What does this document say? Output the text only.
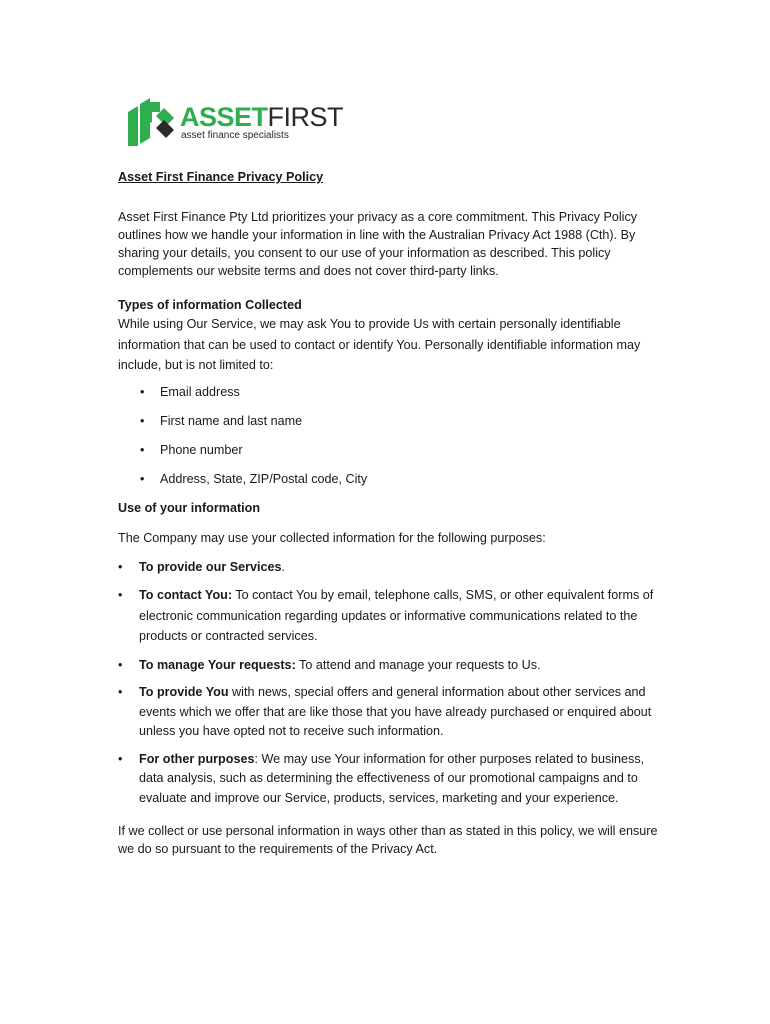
ASSETFIRST
asset finance specialists

Asset First Finance Privacy Policy

Asset First Finance Pty Ltd prioritizes your privacy as a core commitment. This Privacy Policy outlines how we handle your information in line with the Australian Privacy Act 1988 (Cth). By sharing your details, you consent to our use of your information as described. This policy complements our website terms and does not cover third-party links.

Types of information Collected

While using Our Service, we may ask You to provide Us with certain personally identifiable information that can be used to contact or identify You. Personally identifiable information may include, but is not limited to:

• Email address
• First name and last name
• Phone number
• Address, State, ZIP/Postal code, City

Use of your information

The Company may use your collected information for the following purposes:

• To provide our Services.
• To contact You: To contact You by email, telephone calls, SMS, or other equivalent forms of electronic communication regarding updates or informative communications related to the products or contracted services.
• To manage Your requests: To attend and manage your requests to Us.
• To provide You with news, special offers and general information about other services and events which we offer that are like those that you have already purchased or enquired about unless you have opted not to receive such information.
• For other purposes: We may use Your information for other purposes related to business, data analysis, such as determining the effectiveness of our promotional campaigns and to evaluate and improve our Service, products, services, marketing and your experience.

If we collect or use personal information in ways other than as stated in this policy, we will ensure we do so pursuant to the requirements of the Privacy Act.
